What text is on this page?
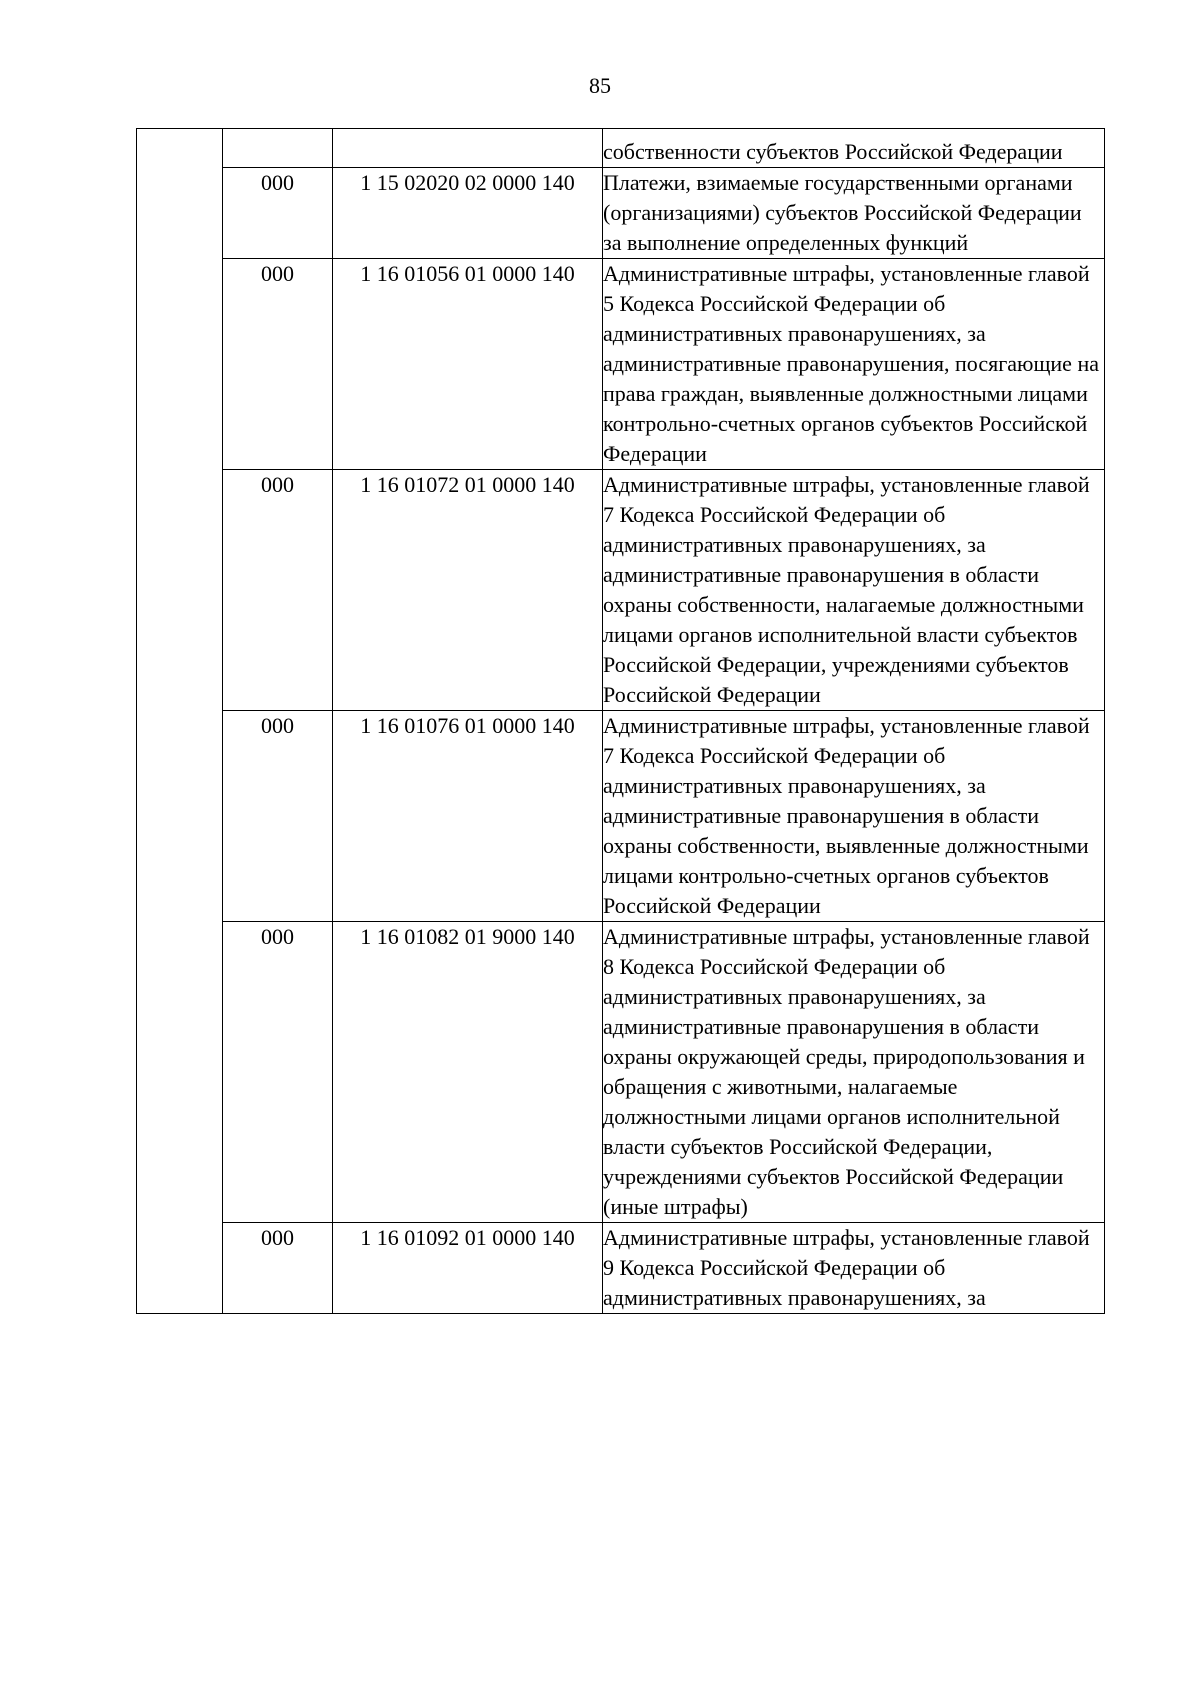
85
			собственности субъектов Российской Федерации
	000	1 15 02020 02 0000 140	Платежи, взимаемые государственными органами (организациями) субъектов Российской Федерации за выполнение определенных функций
	000	1 16 01056 01 0000 140	Административные штрафы, установленные главой 5 Кодекса Российской Федерации об административных правонарушениях, за административные правонарушения, посягающие на права граждан, выявленные должностными лицами контрольно-счетных органов субъектов Российской Федерации
	000	1 16 01072 01 0000 140	Административные штрафы, установленные главой 7 Кодекса Российской Федерации об административных правонарушениях, за административные правонарушения в области охраны собственности, налагаемые должностными лицами органов исполнительной власти субъектов Российской Федерации, учреждениями субъектов Российской Федерации
	000	1 16 01076 01 0000 140	Административные штрафы, установленные главой 7 Кодекса Российской Федерации об административных правонарушениях, за административные правонарушения в области охраны собственности, выявленные должностными лицами контрольно-счетных органов субъектов Российской Федерации
	000	1 16 01082 01 9000 140	Административные штрафы, установленные главой 8 Кодекса Российской Федерации об административных правонарушениях, за административные правонарушения в области охраны окружающей среды, природопользования и обращения с животными, налагаемые должностными лицами органов исполнительной власти субъектов Российской Федерации, учреждениями субъектов Российской Федерации (иные штрафы)
	000	1 16 01092 01 0000 140	Административные штрафы, установленные главой 9 Кодекса Российской Федерации об административных правонарушениях, за
